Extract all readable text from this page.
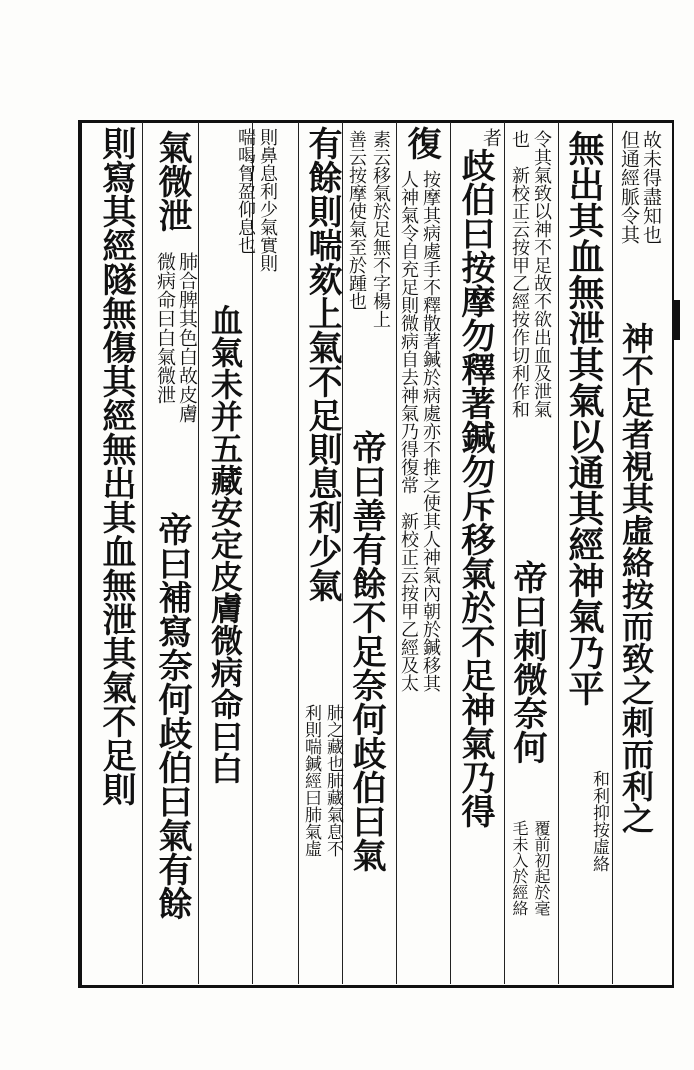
故未得盡知也
但通經脈令其
神不足者視其虛絡按而致之刺而利之
無出其血無泄其氣以通其經神氣乃平
和利抑按虛絡
令其氣致以神不足故不欲出血及泄氣
也　新校正云按甲乙經按作切利作和
帝曰刺微奈何
覆前初起於毫
毛未入於經絡
者
歧伯曰按摩勿釋著鍼勿斥移氣於不足神氣乃得
復
按摩其病處手不釋散著鍼於病處亦不推之使其人神氣內朝於鍼移其
人神氣令自充足則微病自去神氣乃得復常　新校正云按甲乙經及太
素云移氣於足無不字楊上
善云按摩使氣至於踵也
帝曰善有餘不足奈何歧伯曰氣
有餘則喘欬上氣不足則息利少氣
則鼻息利少氣實則
喘喝胷盈仰息也
血氣未并五藏安定皮膚微病命曰白
氣微泄
肺合脾其色白故皮膚
微病命曰白氣微泄
帝曰補寫奈何歧伯曰氣有餘
則寫其經隧無傷其經無出其血無泄其氣不足則	肺之藏也肺藏氣息不
利則喘鍼經曰肺氣虛
